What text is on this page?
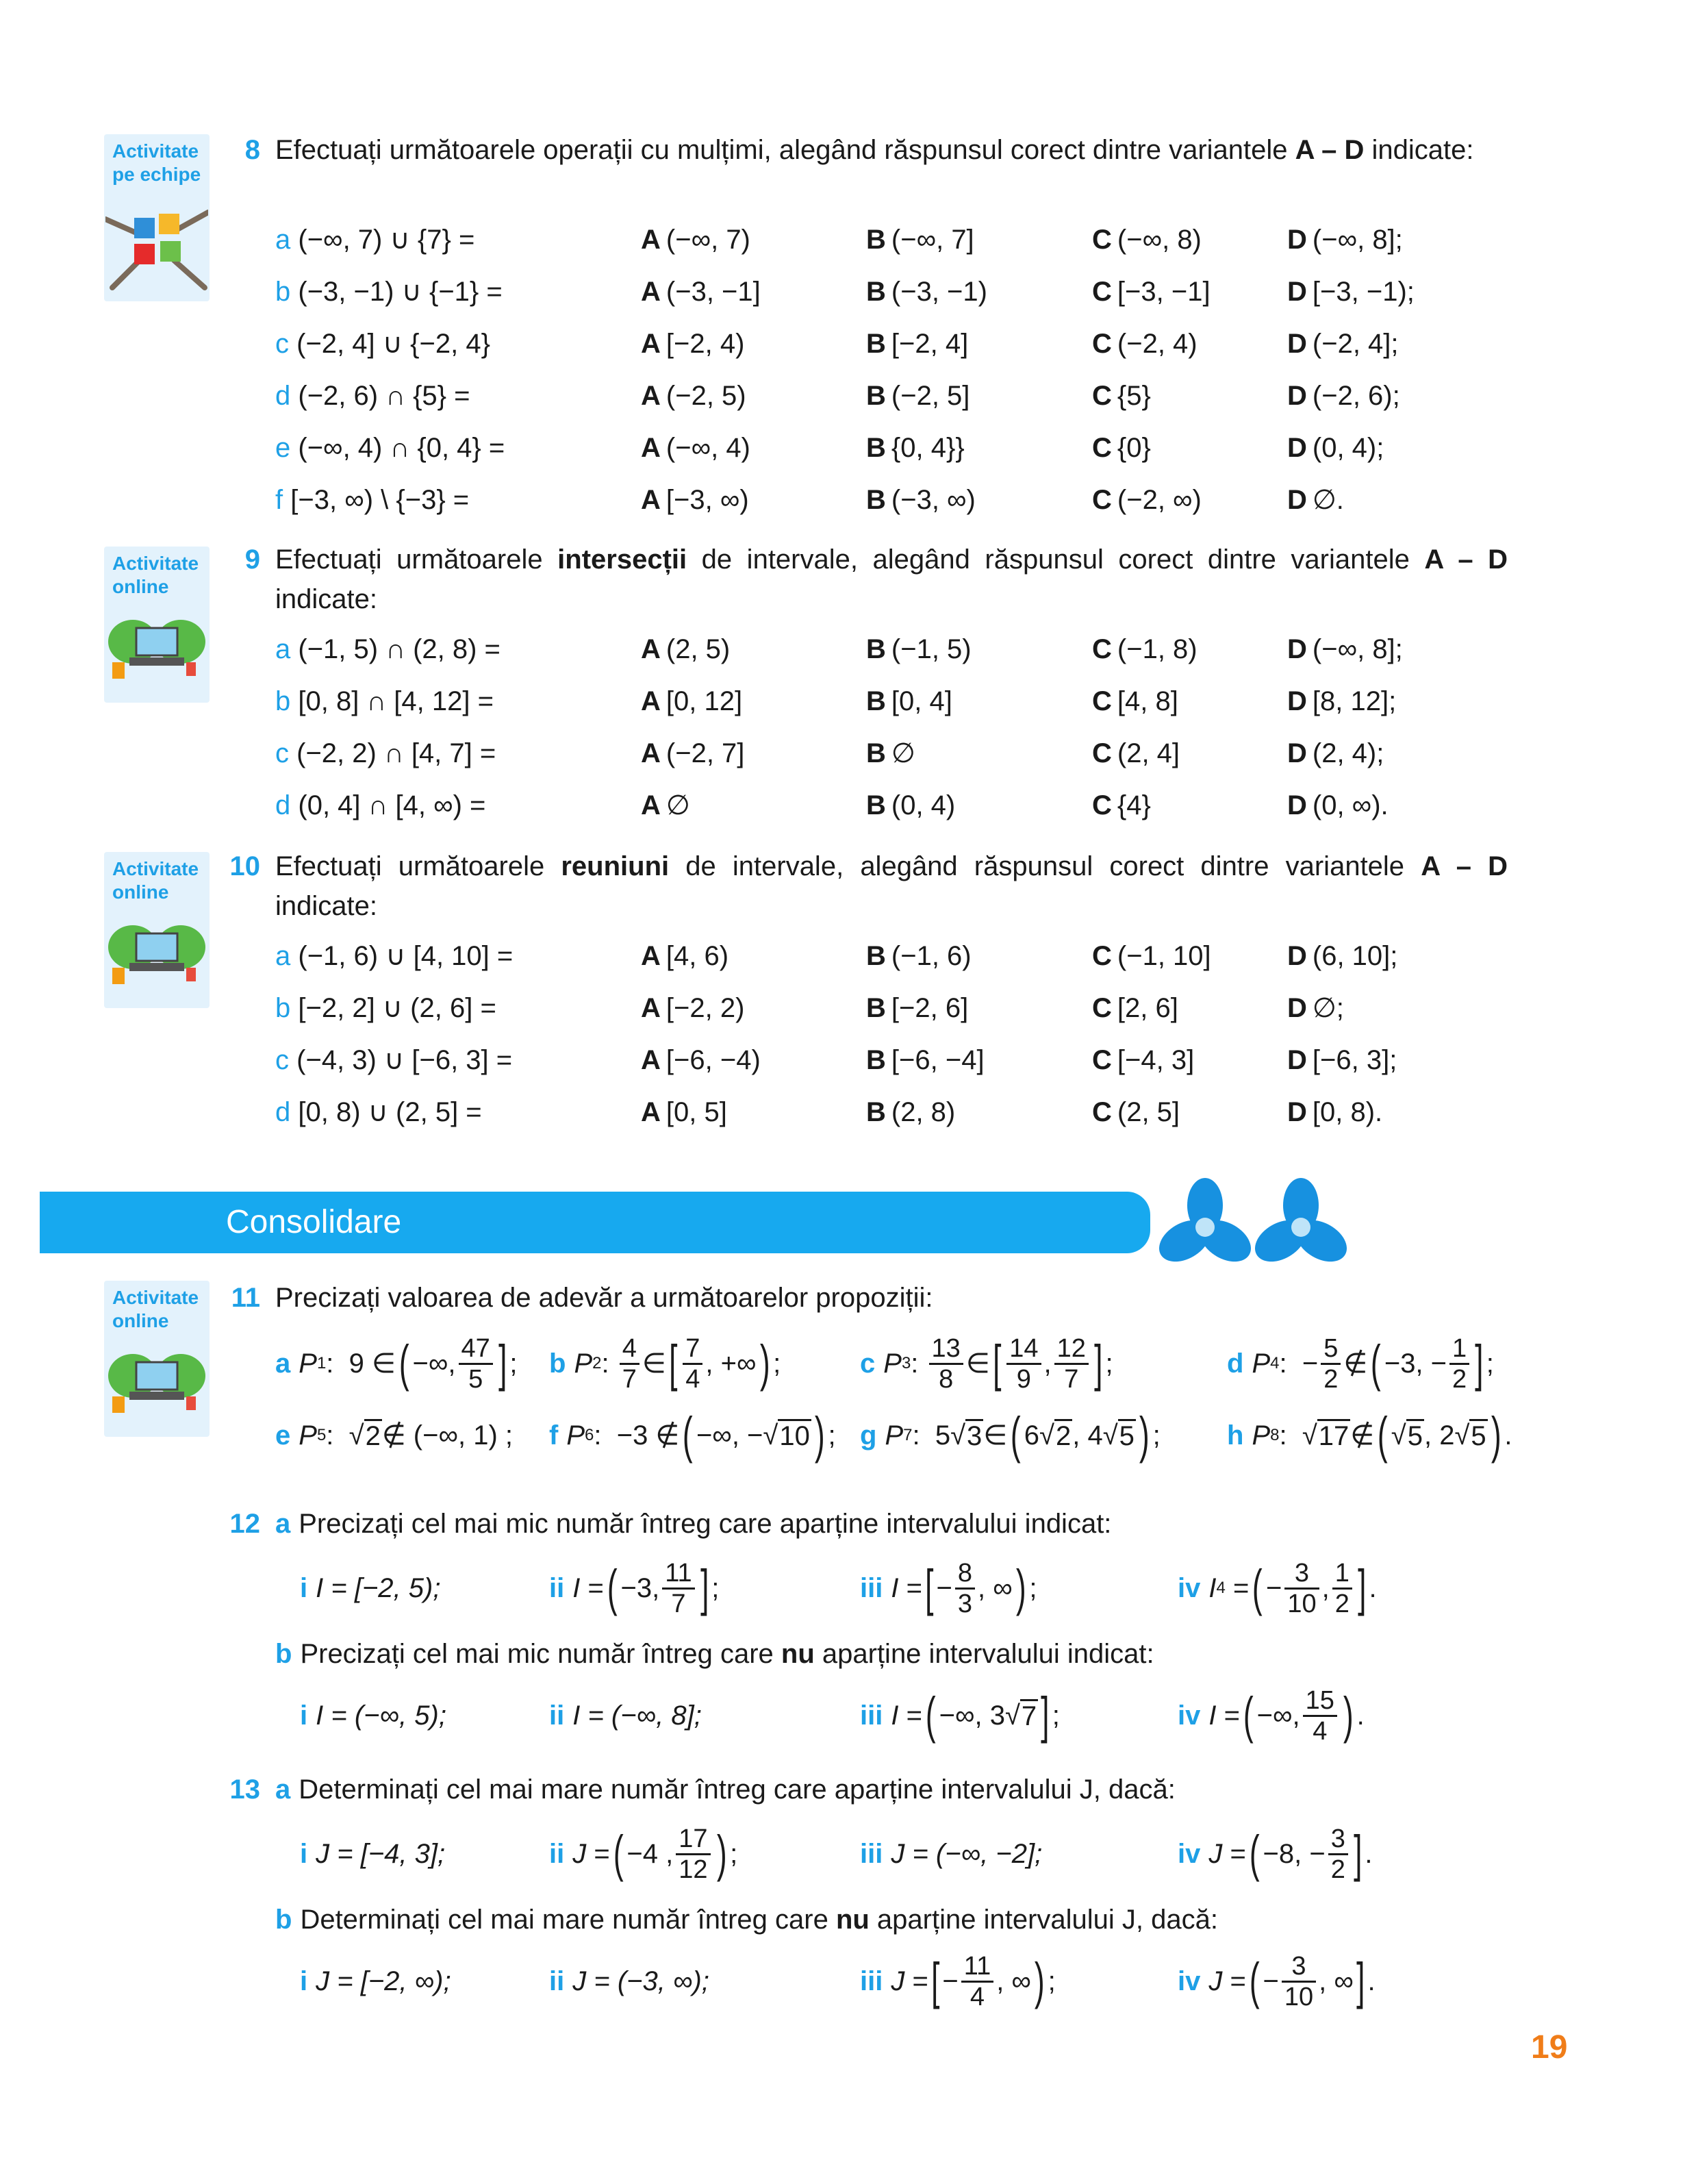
Activitate
pe echipe
Activitate
online
Activitate
online
Activitate
online
8 Efectuați următoarele operații cu mulțimi, alegând răspunsul corect dintre variantele A – D indicate:
9 Efectuați următoarele intersecții de intervale, alegând răspunsul corect dintre variantele A – D indicate:
10 Efectuați următoarele reuniuni de intervale, alegând răspunsul corect dintre variantele A – D indicate:
a (−∞, 7) ∪ {7} =	A (−∞, 7)	B (−∞, 7]	C (−∞, 8)	D (−∞, 8];
b (−3, −1) ∪ {−1} =	A (−3, −1]	B (−3, −1)	C [−3, −1]	D [−3, −1);
c (−2, 4] ∪ {−2, 4}	A [−2, 4)	B [−2, 4]	C (−2, 4)	D (−2, 4];
d (−2, 6) ∩ {5} =	A (−2, 5)	B (−2, 5]	C {5}	D (−2, 6);
e (−∞, 4) ∩ {0, 4} =	A (−∞, 4)	B {0, 4}}	C {0}	D (0, 4);
f [−3, ∞) \ {−3} =	A [−3, ∞)	B (−3, ∞)	C (−2, ∞)	D ∅.
a (−1, 5) ∩ (2, 8) =	A (2, 5)	B (−1, 5)	C (−1, 8)	D (−∞, 8];
b [0, 8] ∩ [4, 12] =	A [0, 12]	B [0, 4]	C [4, 8]	D [8, 12];
c (−2, 2) ∩ [4, 7] =	A (−2, 7]	B ∅	C (2, 4]	D (2, 4);
d (0, 4] ∩ [4, ∞) =	A ∅	B (0, 4)	C {4}	D (0, ∞).
a (−1, 6) ∪ [4, 10] =	A [4, 6)	B (−1, 6)	C (−1, 10]	D (6, 10];
b [−2, 2] ∪ (2, 6] =	A [−2, 2)	B [−2, 6]	C [2, 6]	D ∅;
c (−4, 3) ∪ [−6, 3] =	A [−6, −4)	B [−6, −4]	C [−4, 3]	D [−6, 3];
d [0, 8) ∪ (2, 5] =	A [0, 5]	B (2, 8)	C (2, 5]	D [0, 8).
Consolidare
11 Precizați valoarea de adevăr a următoarelor propoziții:
a P 1 :  9 ∈ ( −∞, $\frac{47}{5}$ ] ; b P 2 : $\frac{4}{7}$ ∈ [ $\frac{7}{4}$ , +∞ ) ;	c P 3 : $\frac{13}{8}$ ∈ [ $\frac{14}{9}$ , $\frac{12}{7}$ ] ;	d P 4 :  − $\frac{5}{2}$ ∉ ( −3, − $\frac{1}{2}$ ] ;
e P 5 :  √ 2 ∉ (−∞, 1) ; f P 6 :  −3 ∉ ( −∞, −√ 10 ) ; g P 7 :  5√ 3 ∈ ( 6√ 2 , 4√ 5 ) ; h P 8 :  √ 17 ∉ ( √ 5 , 2√ 5 ) .
12 a Precizați cel mai mic număr întreg care aparține intervalului indicat:
i I = [−2, 5);	ii I = ( −3, $\frac{11}{7}$ ] ;	iii I = [ − $\frac{8}{3}$ , ∞ ) ;	iv I 4 = ( − $\frac{3}{10}$ , $\frac{1}{2}$ ] .
b Precizați cel mai mic număr întreg care nu aparține intervalului indicat:
i I = (−∞, 5);	ii I = (−∞, 8];	iii I = ( −∞, 3√ 7 ] ;	iv I = ( −∞, $\frac{15}{4}$ ) .
13 a Determinați cel mai mare număr întreg care aparține intervalului J, dacă:
i J = [−4, 3];	ii J = ( −4 , $\frac{17}{12}$ ) ;	iii J = (−∞, −2];	iv J = ( −8, − $\frac{3}{2}$ ] .
b Determinați cel mai mare număr întreg care nu aparține intervalului J, dacă:
i J = [−2, ∞);	ii J = (−3, ∞);	iii J = [ − $\frac{11}{4}$ , ∞ ) ;	iv J = ( − $\frac{3}{10}$ , ∞ ] .
19
